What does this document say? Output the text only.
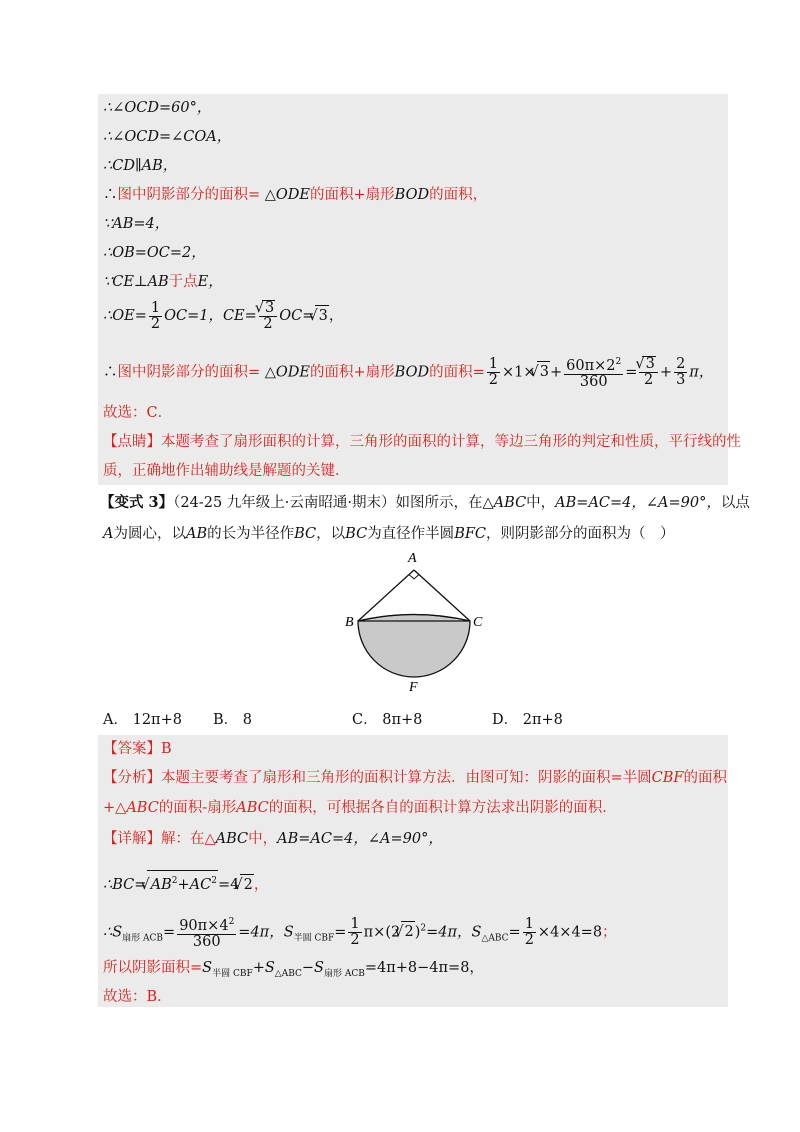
∴∠OCD=60°，
∴∠OCD=∠COA，
∴CD∥AB，
∴图中阴影部分的面积= △ODE的面积+扇形BOD的面积，
∵AB=4，
∴OB=OC=2，
∵CE⊥AB于点E，
∴OE= $\frac{1}{2} OC=1$，CE=
√ $\frac{3}{2} OC=√$ 3，
∴图中阴影部分的面积= △ODE的面积+扇形BOD的面积= $\frac{1}{2} \times 1\times√$ $3+ \frac{60\pi\times 2^2}{360}$ =
√ $\frac{3}{2} + \frac{2}{3}$ π，
故选：C．
【点睛】本题考查了扇形面积的计算，三角形的面积的计算，等边三角形的判定和性质，平行线的性
质，正确地作出辅助线是解题的关键．
【变式 3】（24-25 九年级上·云南昭通·期末）如图所示，在△ABC中，AB=AC=4，∠A=90°，以点
A为圆心，以AB的长为半径作BC，以BC为直径作半圆BFC，则阴影部分的面积为（　）
A
B	C
F
A． 12π+8 B． 8	C． 8π+8	D． 2π+8
【答案】B
【分析】本题主要考查了扇形和三角形的面积计算方法．由图可知：阴影的面积=半圆CBF的面积
+△ABC的面积-扇形ABC的面积，可根据各自的面积计算方法求出阴影的面积．
【详解】解：在△ABC中，AB=AC=4，∠A=90°，
∴BC=√ $AB^2+AC^2=4√$ 2，
$\therefore S_{扇形 ACB}= \frac{90\pi\times 4^2}{360} =4\pi$，$S_{半圆 CBF}= \frac{1}{2} \pi\times(2√$ 2)$^2$=4π，$S_{\triangle ABC}= \frac{1}{2} \times 4\times 4=8$；
所以阴影面积$=S_{半圆 CBF}+S_{\triangle ABC}-S_{扇形 ACB}=4\pi+8-4\pi=8$，
故选：B．
